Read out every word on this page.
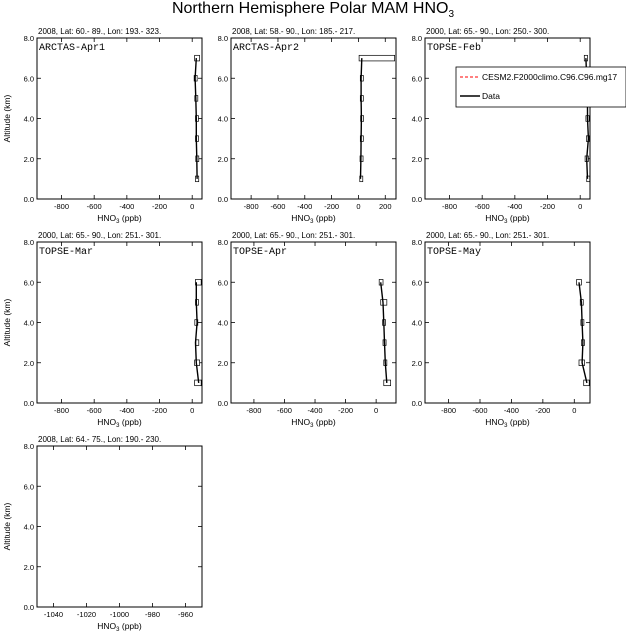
Northern Hemisphere Polar MAM $HNO_3$
2008, Lat: 60.- 89., Lon: 193.- 323.
0.0
2.0
4.0
6.0
8.0
-800 -600 -400 -200	0
$HNO_3$ (ppb)
Altitude (km)
ARCTAS-Apr1
2008, Lat: 58.- 90., Lon: 185.- 217.
0.0
2.0
4.0
6.0
8.0
-800 -600 -400 -200 0 200
$HNO_3$ (ppb)
ARCTAS-Apr2
2000, Lat: 65.- 90., Lon: 250.- 300.
0.0
2.0
4.0
6.0
8.0
-800 -600 -400 -200	0
$HNO_3$ (ppb)
TOPSE-Feb
CESM2.F2000climo.C96.C96.mg17
Data
2000, Lat: 65.- 90., Lon: 251.- 301.
0.0
2.0
4.0
6.0
8.0
-800 -600 -400 -200	0
$HNO_3$ (ppb)
Altitude (km)
TOPSE-Mar
2000, Lat: 65.- 90., Lon: 251.- 301.
0.0
2.0
4.0
6.0
8.0
-800 -600 -400 -200	0
$HNO_3$ (ppb)
TOPSE-Apr
2000, Lat: 65.- 90., Lon: 251.- 301.
0.0
2.0
4.0
6.0
8.0
-800 -600 -400 -200	0
$HNO_3$ (ppb)
TOPSE-May
2008, Lat: 64.- 75., Lon: 190.- 230.
0.0
2.0
4.0
6.0
8.0
-1040 -1020 -1000 -980 -960
$HNO_3$ (ppb)
Altitude (km)
